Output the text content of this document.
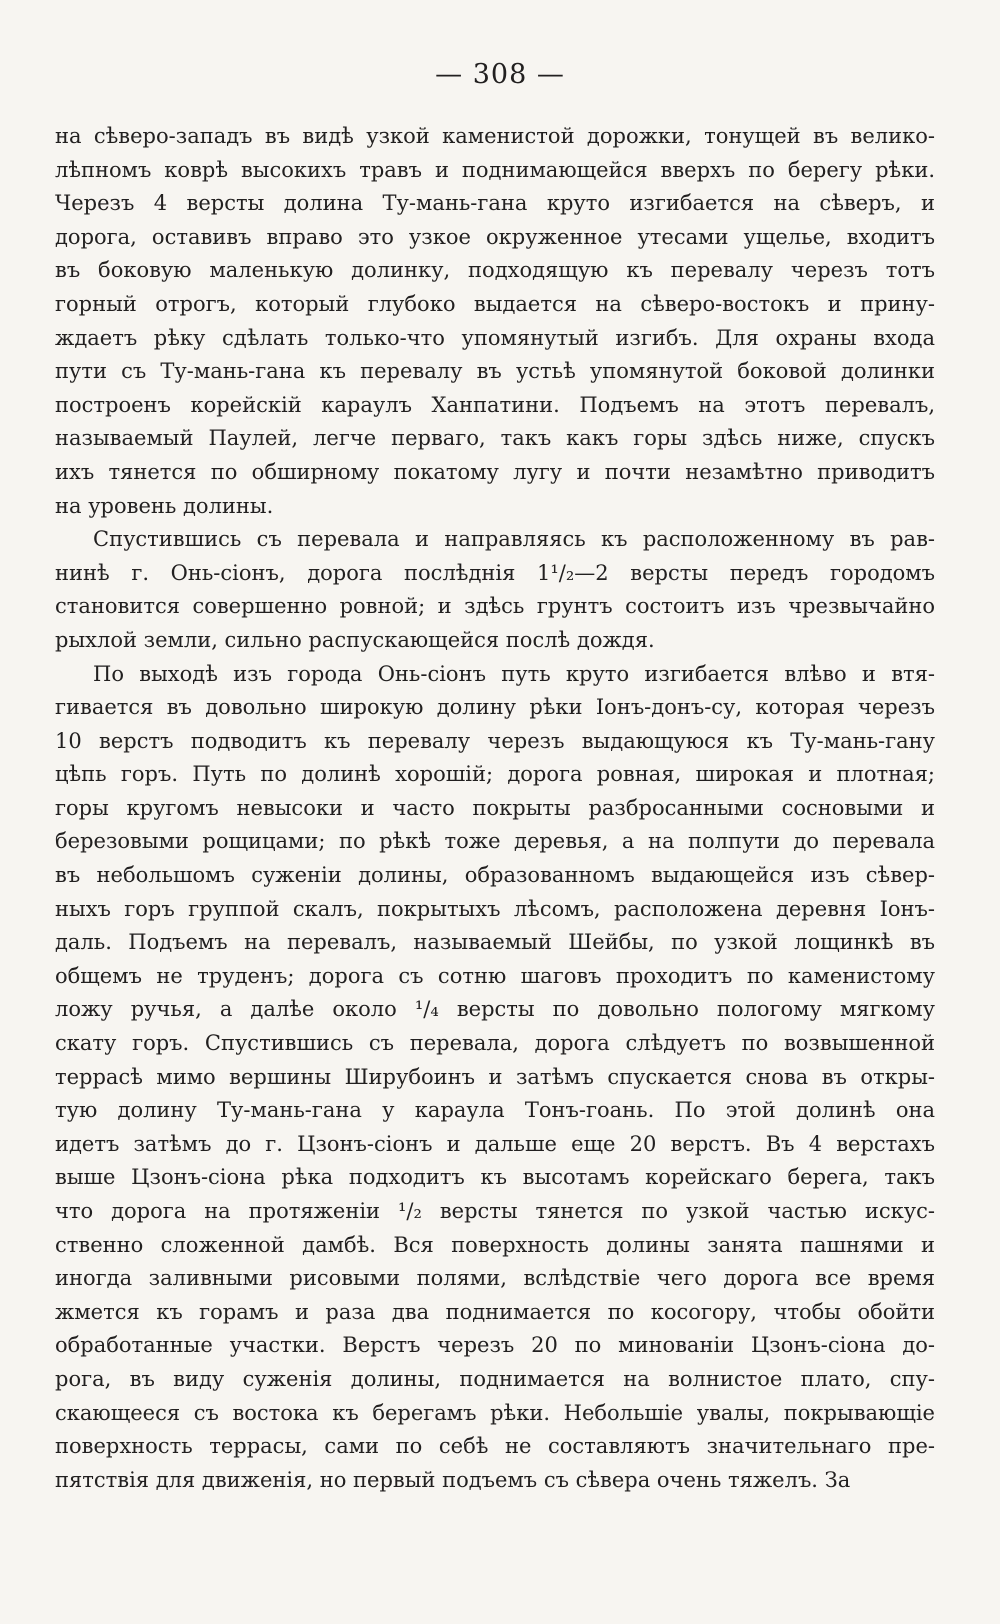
— 308 —
на сѣверо-западъ въ видѣ узкой каменистой дорожки, тонущей въ велико-
лѣпномъ коврѣ высокихъ травъ и поднимающейся вверхъ по берегу рѣки.
Черезъ 4 версты долина Ту-мань-гана круто изгибается на сѣверъ, и
дорога, оставивъ вправо это узкое окруженное утесами ущелье, входитъ
въ боковую маленькую долинку, подходящую къ перевалу черезъ тотъ
горный отрогъ, который глубоко выдается на сѣверо-востокъ и прину-
ждаетъ рѣку сдѣлать только-что упомянутый изгибъ. Для охраны входа
пути съ Ту-мань-гана къ перевалу въ устьѣ упомянутой боковой долинки
построенъ корейскій караулъ Ханпатини. Подъемъ на этотъ перевалъ,
называемый Паулей, легче перваго, такъ какъ горы здѣсь ниже, спускъ
ихъ тянется по обширному покатому лугу и почти незамѣтно приводитъ
на уровень долины.
Спустившись съ перевала и направляясь къ расположенному въ рав-
нинѣ г. Онь-сіонъ, дорога послѣднія 1¹/₂—2 версты передъ городомъ
становится совершенно ровной; и здѣсь грунтъ состоитъ изъ чрезвычайно
рыхлой земли, сильно распускающейся послѣ дождя.
По выходѣ изъ города Онь-сіонъ путь круто изгибается влѣво и втя-
гивается въ довольно широкую долину рѣки Іонъ-донъ-су, которая черезъ
10 верстъ подводитъ къ перевалу черезъ выдающуюся къ Ту-мань-гану
цѣпь горъ. Путь по долинѣ хорошій; дорога ровная, широкая и плотная;
горы кругомъ невысоки и часто покрыты разбросанными сосновыми и
березовыми рощицами; по рѣкѣ тоже деревья, а на полпути до перевала
въ небольшомъ суженіи долины, образованномъ выдающейся изъ сѣвер-
ныхъ горъ группой скалъ, покрытыхъ лѣсомъ, расположена деревня Іонъ-
даль. Подъемъ на перевалъ, называемый Шейбы, по узкой лощинкѣ въ
общемъ не труденъ; дорога съ сотню шаговъ проходитъ по каменистому
ложу ручья, а далѣе около ¹/₄ версты по довольно пологому мягкому
скату горъ. Спустившись съ перевала, дорога слѣдуетъ по возвышенной
террасѣ мимо вершины Ширубоинъ и затѣмъ спускается снова въ откры-
тую долину Ту-мань-гана у караула Тонъ-гоань. По этой долинѣ она
идетъ затѣмъ до г. Цзонъ-сіонъ и дальше еще 20 верстъ. Въ 4 верстахъ
выше Цзонъ-сіона рѣка подходитъ къ высотамъ корейскаго берега, такъ
что дорога на протяженіи ¹/₂ версты тянется по узкой частью искус-
ственно сложенной дамбѣ. Вся поверхность долины занята пашнями и
иногда заливными рисовыми полями, вслѣдствіе чего дорога все время
жмется къ горамъ и раза два поднимается по косогору, чтобы обойти
обработанные участки. Верстъ черезъ 20 по минованіи Цзонъ-сіона до-
рога, въ виду суженія долины, поднимается на волнистое плато, спу-
скающееся съ востока къ берегамъ рѣки. Небольшіе увалы, покрывающіе
поверхность террасы, сами по себѣ не составляютъ значительнаго пре-
пятствія для движенія, но первый подъемъ съ сѣвера очень тяжелъ. За
